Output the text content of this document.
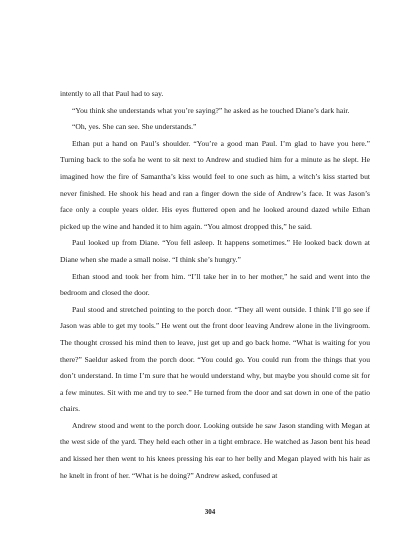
intently to all that Paul had to say.

“You think she understands what you’re saying?” he asked as he touched Diane’s dark hair.

“Oh, yes. She can see. She understands.”

Ethan put a hand on Paul’s shoulder. “You’re a good man Paul. I’m glad to have you here.” Turning back to the sofa he went to sit next to Andrew and studied him for a minute as he slept. He imagined how the fire of Samantha’s kiss would feel to one such as him, a witch’s kiss started but never finished. He shook his head and ran a finger down the side of Andrew’s face. It was Jason’s face only a couple years older. His eyes fluttered open and he looked around dazed while Ethan picked up the wine and handed it to him again. “You almost dropped this,” he said.

Paul looked up from Diane. “You fell asleep. It happens sometimes.” He looked back down at Diane when she made a small noise. “I think she’s hungry.”

Ethan stood and took her from him. “I’ll take her in to her mother,” he said and went into the bedroom and closed the door.

Paul stood and stretched pointing to the porch door. “They all went outside. I think I’ll go see if Jason was able to get my tools.” He went out the front door leaving Andrew alone in the livingroom. The thought crossed his mind then to leave, just get up and go back home. “What is waiting for you there?” Saeldur asked from the porch door. “You could go. You could run from the things that you don’t understand. In time I’m sure that he would understand why, but maybe you should come sit for a few minutes. Sit with me and try to see.” He turned from the door and sat down in one of the patio chairs.

Andrew stood and went to the porch door. Looking outside he saw Jason standing with Megan at the west side of the yard. They held each other in a tight embrace. He watched as Jason bent his head and kissed her then went to his knees pressing his ear to her belly and Megan played with his hair as he knelt in front of her. “What is he doing?” Andrew asked, confused at

304
